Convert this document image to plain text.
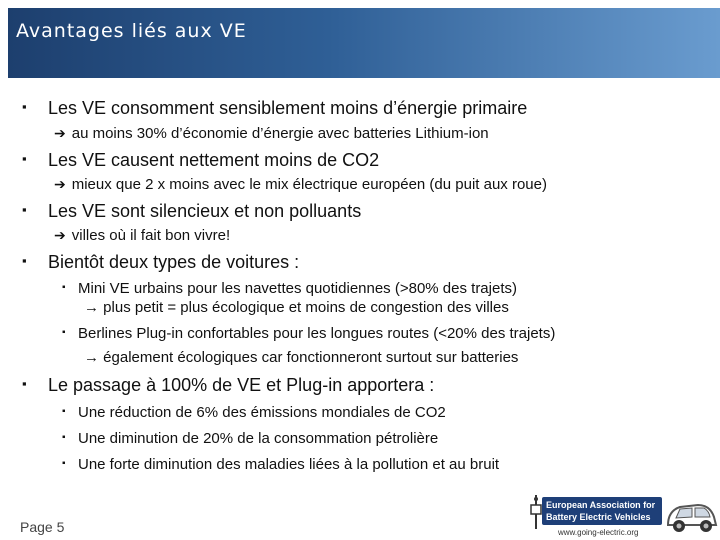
Avantages liés aux VE
▪ Les VE consomment sensiblement moins d’énergie primaire
➔ au moins 30% d’économie d’énergie avec batteries Lithium-ion
▪ Les VE causent nettement moins de CO2
➔ mieux que 2 x moins avec le mix électrique européen (du puit aux roue)
▪ Les VE sont silencieux et non polluants
➔ villes où il fait bon vivre!
▪ Bientôt deux types de voitures :
▪ Mini VE urbains pour les navettes quotidiennes (>80% des trajets)
→ plus petit = plus écologique et moins de congestion des villes
▪ Berlines Plug-in confortables pour les longues routes (<20% des trajets)
→ également écologiques car fonctionneront surtout sur batteries
▪ Le passage à 100% de VE et Plug-in apportera :
▪ Une réduction de 6% des émissions mondiales de CO2
▪ Une diminution de 20% de la consommation pétrolière
▪ Une forte diminution des maladies liées à la pollution et au bruit
Page 5
European Association for
Battery Electric Vehicles
www.going-electric.org
